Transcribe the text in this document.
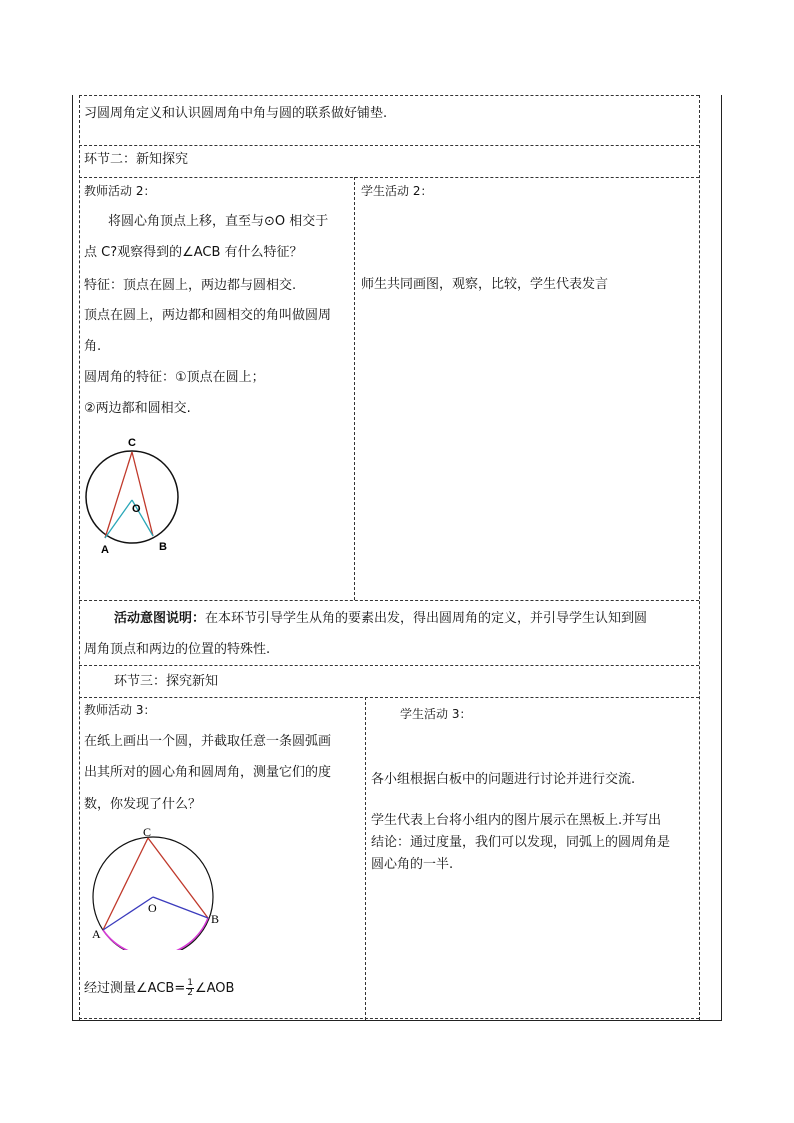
习圆周角定义和认识圆周角中角与圆的联系做好铺垫.
环节二：新知探究
教师活动 2：
将圆心角顶点上移，直至与⊙O 相交于
点 C?观察得到的∠ACB 有什么特征？
特征：顶点在圆上，两边都与圆相交.
顶点在圆上，两边都和圆相交的角叫做圆周
角.
圆周角的特征：①顶点在圆上；
②两边都和圆相交.
C
O
A	B
学生活动 2：
师生共同画图，观察，比较，学生代表发言
活动意图说明：在本环节引导学生从角的要素出发，得出圆周角的定义，并引导学生认知到圆
周角顶点和两边的位置的特殊性.
环节三：探究新知
教师活动 3：
在纸上画出一个圆，并截取任意一条圆弧画
出其所对的圆心角和圆周角，测量它们的度
数，你发现了什么？
C
O
A
B
经过测量∠ACB= $\frac{1}{2}$ ∠AOB
学生活动 3：
各小组根据白板中的问题进行讨论并进行交流.
学生代表上台将小组内的图片展示在黑板上.并写出
结论：通过度量，我们可以发现，同弧上的圆周角是
圆心角的一半.
